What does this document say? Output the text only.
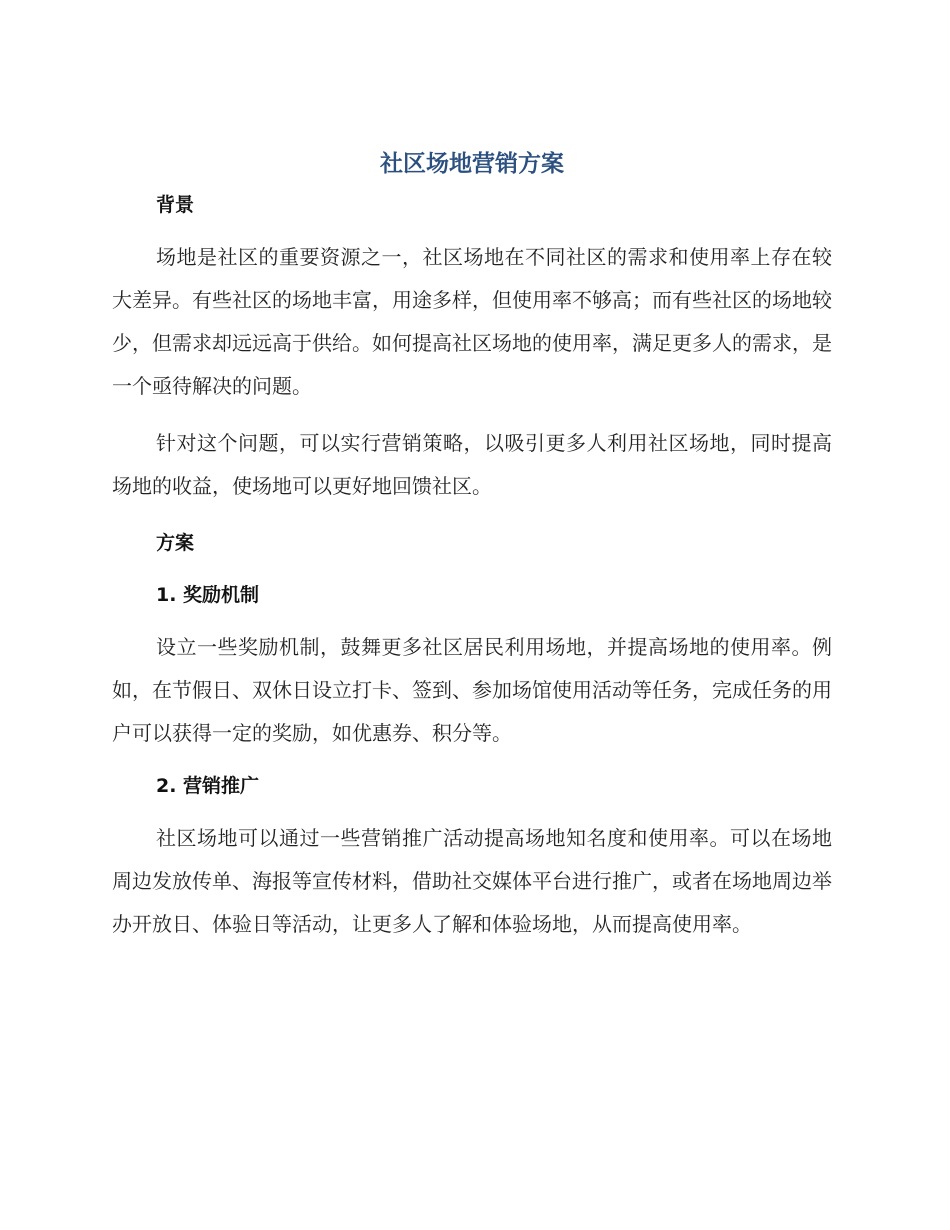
社区场地营销方案
背景

场地是社区的重要资源之一，社区场地在不同社区的需求和使用率上存在较大差异。有些社区的场地丰富，用途多样，但使用率不够高；而有些社区的场地较少，但需求却远远高于供给。如何提高社区场地的使用率，满足更多人的需求，是一个亟待解决的问题。

针对这个问题，可以实行营销策略，以吸引更多人利用社区场地，同时提高场地的收益，使场地可以更好地回馈社区。

方案
1. 奖励机制

设立一些奖励机制，鼓舞更多社区居民利用场地，并提高场地的使用率。例如，在节假日、双休日设立打卡、签到、参加场馆使用活动等任务，完成任务的用户可以获得一定的奖励，如优惠券、积分等。

2. 营销推广

社区场地可以通过一些营销推广活动提高场地知名度和使用率。可以在场地周边发放传单、海报等宣传材料，借助社交媒体平台进行推广，或者在场地周边举办开放日、体验日等活动，让更多人了解和体验场地，从而提高使用率。
